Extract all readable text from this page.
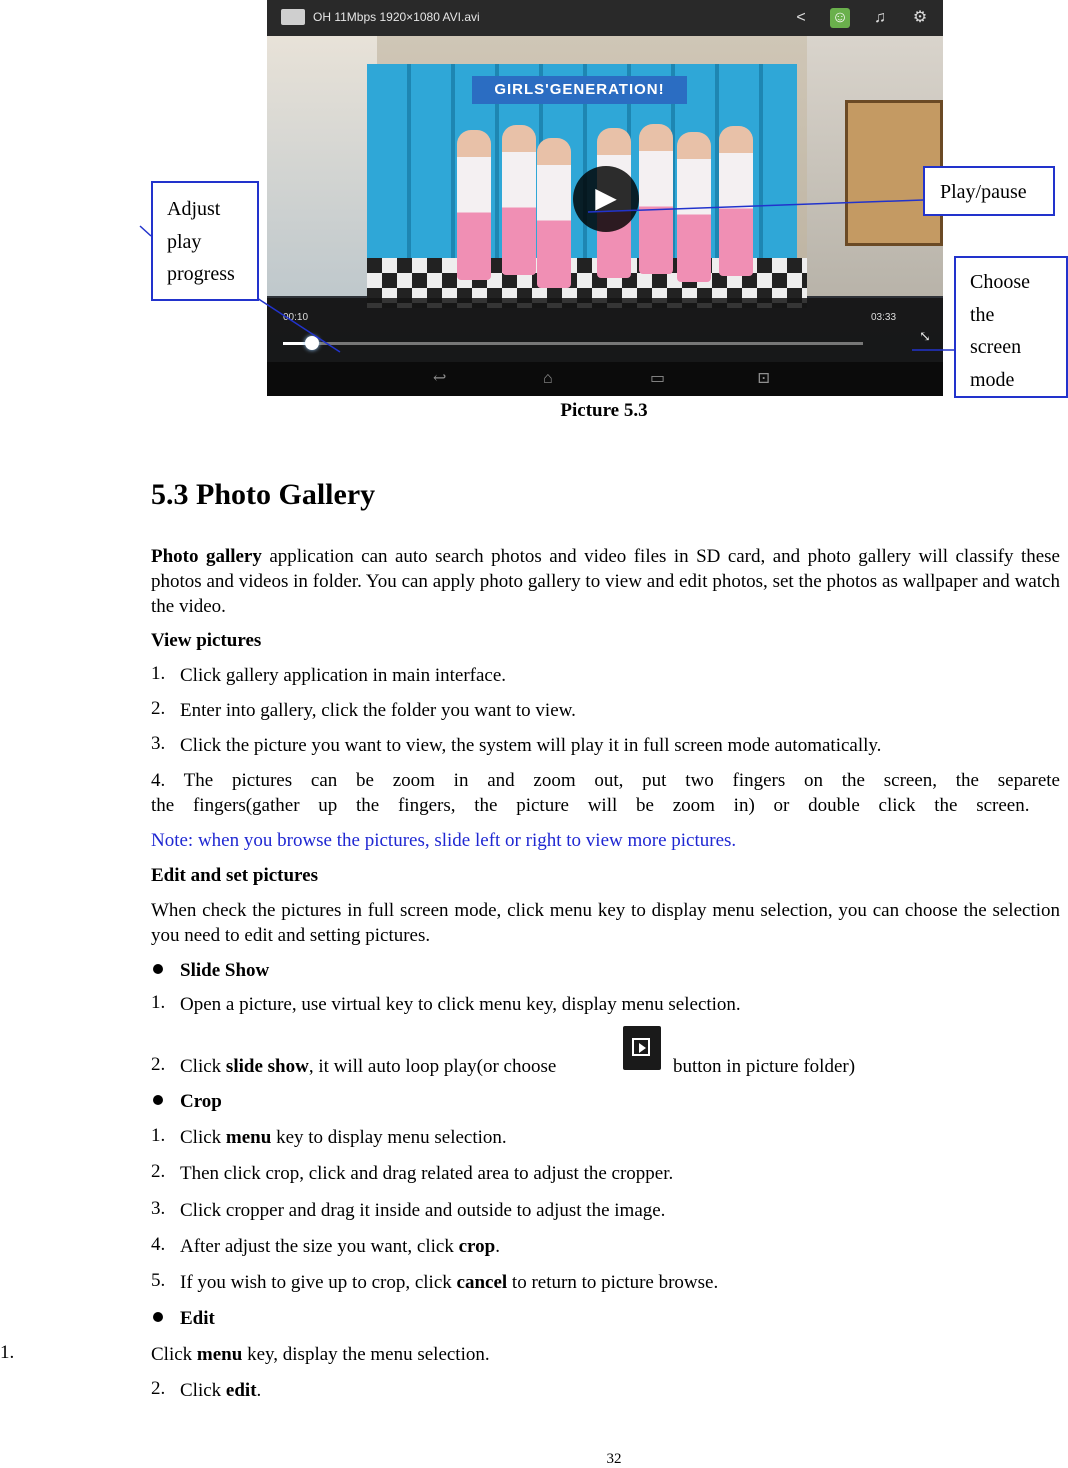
OH 11Mbps 1920×1080 AVI.avi	<	☺ ♫ ⚙
GIRLS'GENERATION!
▶
00:10	03:33
⤡
↩	⌂	▭	⊡
Adjust
play
progress
Play/pause
Choose
the
screen
mode
Picture 5.3
5.3 Photo Gallery
Photo gallery application can auto search photos and video files in SD card, and photo gallery will classify these photos and videos in folder. You can apply photo gallery to view and edit photos, set the photos as wallpaper and watch the video.
View pictures
1. Click gallery application in main interface.
2. Enter into gallery, click the folder you want to view.
3. Click the picture you want to view, the system will play it in full screen mode automatically.
4. The pictures can be zoom in and zoom out, put two fingers on the screen, the separete the fingers(gather up the fingers, the picture will be zoom in) or double click the screen.
Note: when you browse the pictures, slide left or right to view more pictures.
Edit and set pictures
When check the pictures in full screen mode, click menu key to display menu selection, you can choose the selection you need to edit and setting pictures.
Slide Show
1. Open a picture, use virtual key to click menu key, display menu selection.
2. Click slide show, it will auto loop play(or choose	button in picture folder)
Crop
1. Click menu key to display menu selection.
2. Then click crop, click and drag related area to adjust the cropper.
3. Click cropper and drag it inside and outside to adjust the image.
4. After adjust the size you want, click crop.
5. If you wish to give up to crop, click cancel to return to picture browse.
Edit
1.	Click menu key, display the menu selection.
2. Click edit.
32
